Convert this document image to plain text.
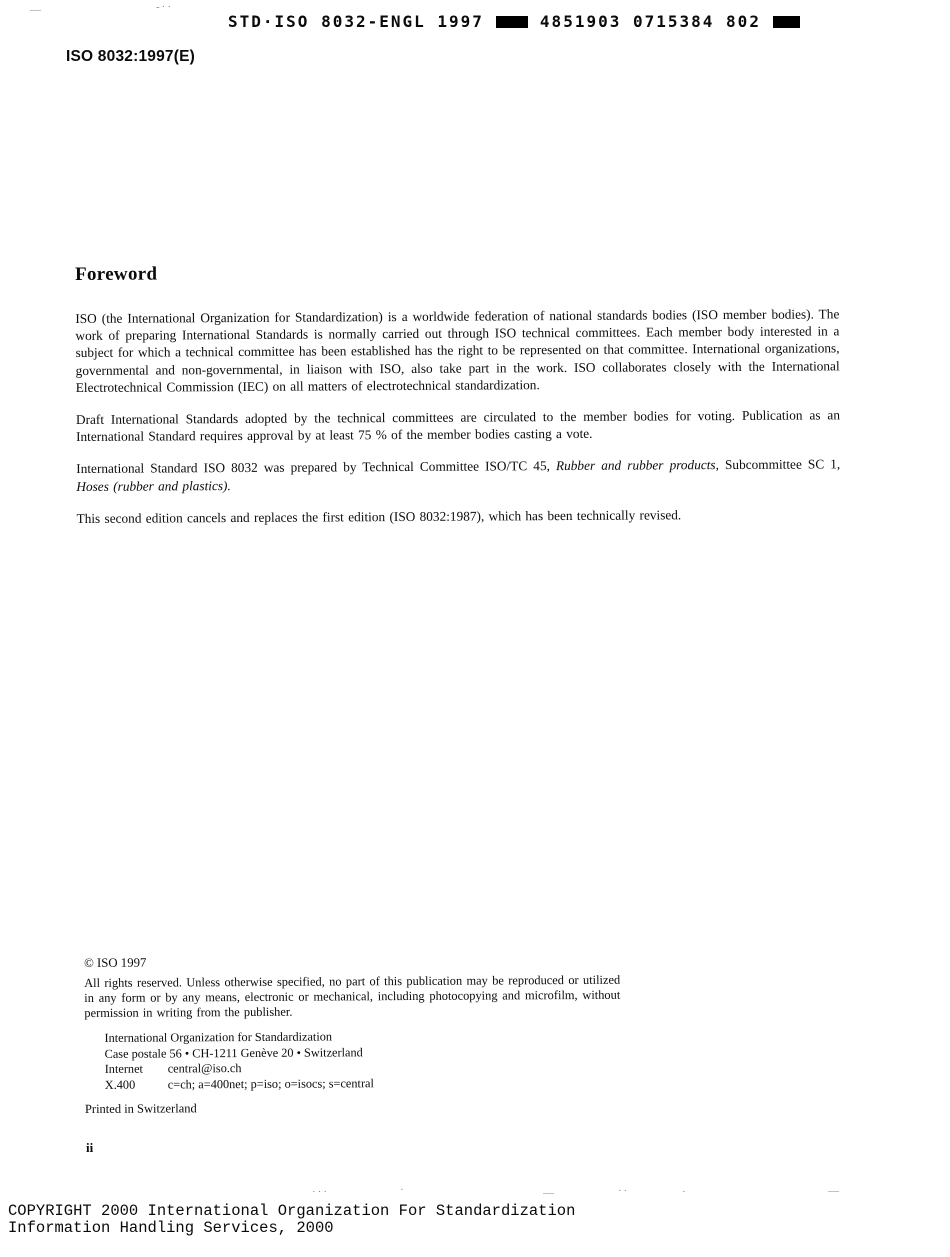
—	-··
···	·	—	··	·	—
STD·ISO 8032-ENGL 1997	4851903 0715384 802
ISO 8032:1997(E)
Foreword

ISO (the International Organization for Standardization) is a worldwide federation of national standards bodies (ISO member bodies). The work of preparing International Standards is normally carried out through ISO technical committees. Each member body interested in a subject for which a technical committee has been established has the right to be represented on that committee. International organizations, governmental and non-governmental, in liaison with ISO, also take part in the work. ISO collaborates closely with the International Electrotechnical Commission (IEC) on all matters of electrotechnical standardization.

Draft International Standards adopted by the technical committees are circulated to the member bodies for voting. Publication as an International Standard requires approval by at least 75 % of the member bodies casting a vote.

International Standard ISO 8032 was prepared by Technical Committee ISO/TC 45, Rubber and rubber products, Subcommittee SC 1, Hoses (rubber and plastics).

This second edition cancels and replaces the first edition (ISO 8032:1987), which has been technically revised.

© ISO 1997

All rights reserved. Unless otherwise specified, no part of this publication may be reproduced or utilized in any form or by any means, electronic or mechanical, including photocopying and microfilm, without permission in writing from the publisher.

International Organization for Standardization
Case postale 56 • CH-1211 Genève 20 • Switzerland
Internet central@iso.ch
X.400	c=ch; a=400net; p=iso; o=isocs; s=central
Printed in Switzerland
ii
COPYRIGHT 2000 International Organization For Standardization
Information Handling Services, 2000
